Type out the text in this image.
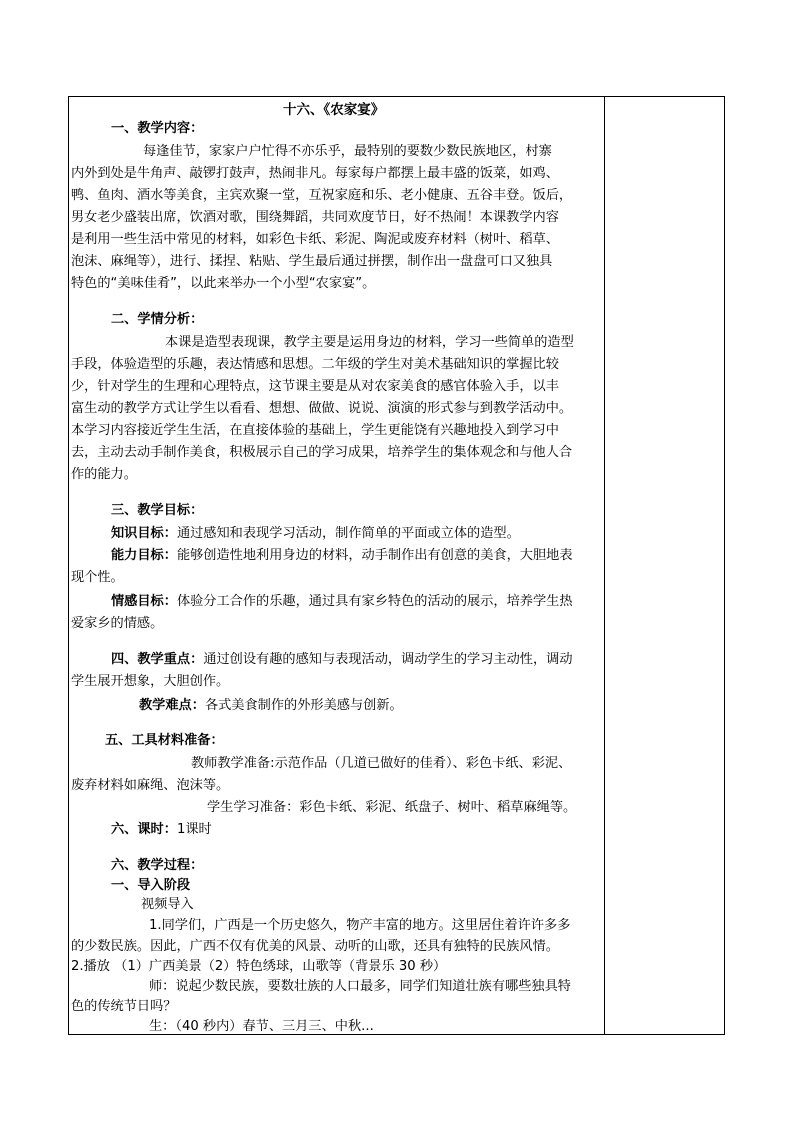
十六、《农家宴》
一、教学内容：
每逢佳节，家家户户忙得不亦乐乎，最特别的要数少数民族地区，村寨
内外到处是牛角声、敲锣打鼓声，热闹非凡。每家每户都摆上最丰盛的饭菜，如鸡、
鸭、鱼肉、酒水等美食，主宾欢聚一堂，互祝家庭和乐、老小健康、五谷丰登。饭后，
男女老少盛装出席，饮酒对歌，围绕舞蹈，共同欢度节日，好不热闹！本课教学内容
是利用一些生活中常见的材料，如彩色卡纸、彩泥、陶泥或废弃材料（树叶、稻草、
泡沫、麻绳等），进行、揉捏、粘贴、学生最后通过拼摆，制作出一盘盘可口又独具
特色的“美味佳肴”，以此来举办一个小型“农家宴”。
二、学情分析：
本课是造型表现课，教学主要是运用身边的材料，学习一些简单的造型
手段，体验造型的乐趣，表达情感和思想。二年级的学生对美术基础知识的掌握比较
少，针对学生的生理和心理特点，这节课主要是从对农家美食的感官体验入手，以丰
富生动的教学方式让学生以看看、想想、做做、说说、演演的形式参与到教学活动中。
本学习内容接近学生生活，在直接体验的基础上，学生更能饶有兴趣地投入到学习中
去，主动去动手制作美食，积极展示自己的学习成果，培养学生的集体观念和与他人合
作的能力。
三、教学目标：
知识目标：通过感知和表现学习活动，制作简单的平面或立体的造型。
能力目标：能够创造性地利用身边的材料，动手制作出有创意的美食，大胆地表
现个性。
情感目标：体验分工合作的乐趣，通过具有家乡特色的活动的展示，培养学生热
爱家乡的情感。
四、教学重点：通过创设有趣的感知与表现活动，调动学生的学习主动性，调动
学生展开想象，大胆创作。
教学难点：各式美食制作的外形美感与创新。
五、工具材料准备：
教师教学准备:示范作品（几道已做好的佳肴）、彩色卡纸、彩泥、
废弃材料如麻绳、泡沫等。
学生学习准备：彩色卡纸、彩泥、纸盘子、树叶、稻草麻绳等。
六、课时：1课时
六、教学过程：
一、导入阶段
视频导入
1.同学们，广西是一个历史悠久，物产丰富的地方。这里居住着许许多多
的少数民族。因此，广西不仅有优美的风景、动听的山歌，还具有独特的民族风情。
2.播放 （1）广西美景（2）特色绣球，山歌等（背景乐 30 秒）
师：说起少数民族，要数壮族的人口最多，同学们知道壮族有哪些独具特
色的传统节日吗？
生：（40 秒内）春节、三月三、中秋...
